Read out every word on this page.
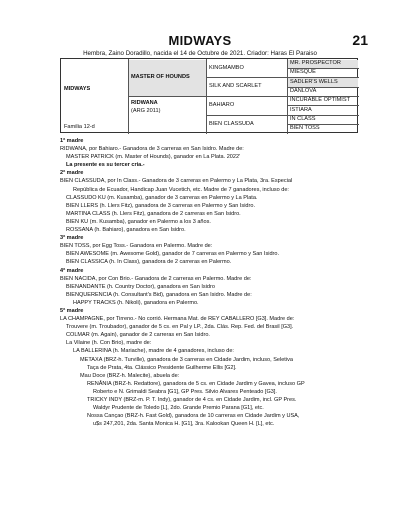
MIDWAYS	21
Hembra, Zaino Doradillo, nacida el 14 de Octubre de 2021. Criador: Haras El Paraiso
MIDWAYS
Familia 12-d
MASTER OF HOUNDS
RIDWANA
(ARG 2011)
KINGMAMBO
SILK AND SCARLET
BAHIARO
BIEN CLASSUDA
MR. PROSPECTOR
MIESQUE
SADLER'S WELLS
DANLOVA
INCURABLE OPTIMIST
ISTIARA
IN CLASS
BIEN TOSS
1ª madre
RIDWANA, por Bahiaro.- Ganadora de 3 carreras en San Isidro. Madre de:
MASTER PATRICK (m. Master of Hounds), ganador en La Plata. 2022'
La presente es su tercer cria.-
2ª madre
BIEN CLASSUDA, por In Class.- Ganadora de 3 carreras en Palermo y La Plata, 3ra. Especial
República de Ecuador, Handicap Juan Vucetich, etc. Madre de 7 ganadores, incluso de:
CLASSUDO KU (m. Kusamba), ganador de 3 carreras en Palermo y La Plata.
BIEN LLERS (h. Llers Fitz), ganadora de 3 carreras en Palermo y San Isidro.
MARTINA CLASS (h. Llers Fitz), ganadora de 2 carreras en San Isidro.
BIEN KU (m. Kusamba), ganador en Palermo a los 3 años.
ROSSANA (h. Bahiaro), ganadora en San Isidro.
3ª madre
BIEN TOSS, por Egg Toss.- Ganadora en Palermo. Madre de:
BIEN AWESOME (m. Awesome Gold), ganador de 7 carreras en Palermo y San Isidro.
BIEN CLASSICA (h. In Class), ganadora de 2 carreras en Palermo.
4ª madre
BIEN NACIDA, por Con Brio.- Ganadora de 2 carreras en Palermo. Madre de:
BIENANDANTE (h. Country Doctor), ganadora en San Isidro
BIENQUERENCIA (h. Consultant's Bid), ganadora en San Isidro. Madre de:
HAPPY TRACKS (h. Nikoli), ganadora en Palermo.
5ª madre
LA CHAMPAGNE, por Tirreno.- No corrió. Hermana Mat. de REY CABALLERO [G3]. Madre de:
Trouvere (m. Troubador), ganador de 5 cs. en Pal y LP., 2da. Clás. Rep. Fed. del Brasil [G3].
COLMAR (m. Again), ganador de 2 carreras en San Isidro.
La Vilaine (h. Con Brio), madre de:
LA BALLERINA (h. Mariache), madre de 4 ganadores, incluso de:
METAXA (BRZ-h. Turville), ganadora de 3 carreras en Cidade Jardim, incluso, Seletiva
Taça de Prata, 4ta. Clássico Presidente Guilherme Ellis [G2].
Mau Doce (BRZ-h. Malecite), abuela de:
RENÂNIA (BRZ-h. Redattore), ganadora de 5 cs. en Cidade Jardim y Gavea, incluso GP
Roberto e N. Grimaldi Seabra [G1], GP Pres. Silvio Alvares Penteado [G3].
TRICKY INDY (BRZ-m. P. T. Indy), ganador de 4 cs. en Cidade Jardim, incl. GP Pres.
Waldyr Prudente de Toledo [L], 2do. Grande Premio Parana [G1], etc.
Nossa Cançao (BRZ-h. Fast Gold), ganadora de 10 carreras en Cidade Jardim y USA,
u$s 247,201, 2da. Santa Monica H. [G1], 3ra. Kalookan Queen H. [L], etc.
